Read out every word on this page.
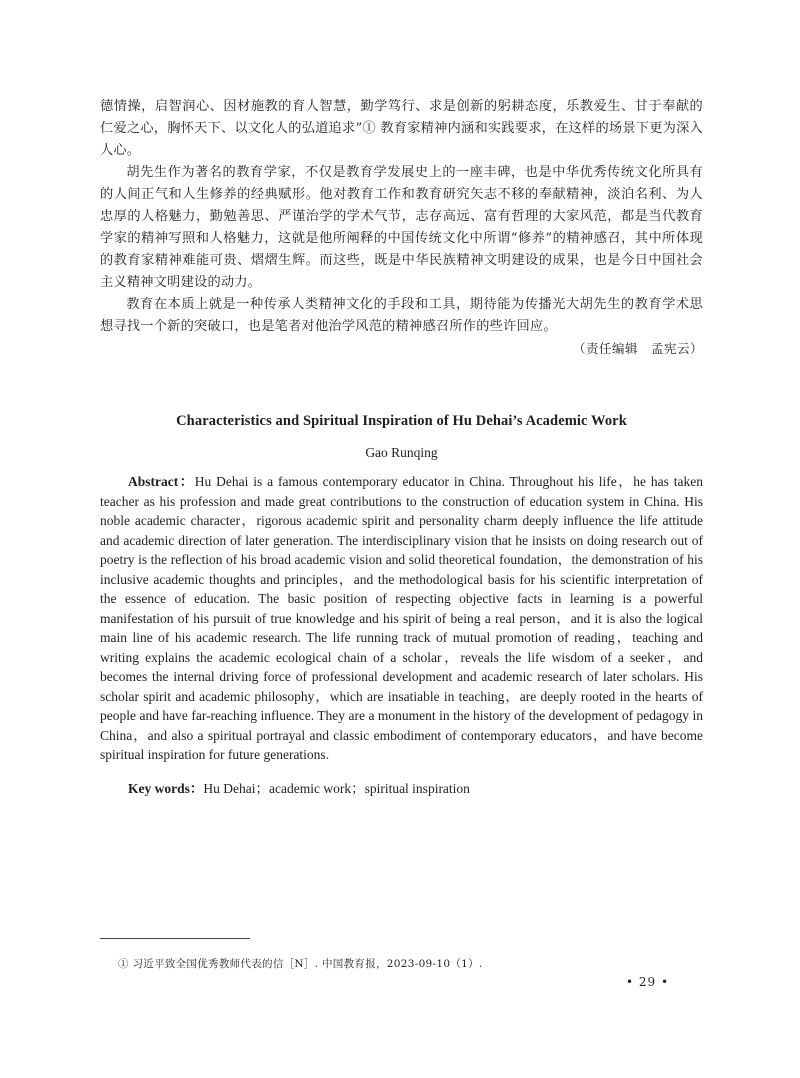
德情操，启智润心、因材施教的育人智慧，勤学笃行、求是创新的躬耕态度，乐教爱生、甘于奉献的仁爱之心，胸怀天下、以文化人的弘道追求”① 教育家精神内涵和实践要求，在这样的场景下更为深入人心。

胡先生作为著名的教育学家，不仅是教育学发展史上的一座丰碑，也是中华优秀传统文化所具有的人间正气和人生修养的经典赋形。他对教育工作和教育研究矢志不移的奉献精神，淡泊名利、为人忠厚的人格魅力，勤勉善思、严谨治学的学术气节，志存高远、富有哲理的大家风范，都是当代教育学家的精神写照和人格魅力，这就是他所阐释的中国传统文化中所谓“修养”的精神感召，其中所体现的教育家精神难能可贵、熠熠生辉。而这些，既是中华民族精神文明建设的成果，也是今日中国社会主义精神文明建设的动力。

教育在本质上就是一种传承人类精神文化的手段和工具，期待能为传播光大胡先生的教育学术思想寻找一个新的突破口，也是笔者对他治学风范的精神感召所作的些许回应。

（责任编辑　孟宪云）

Characteristics and Spiritual Inspiration of Hu Dehai’s Academic Work
Gao Runqing

Abstract：Hu Dehai is a famous contemporary educator in China. Throughout his life，he has taken teacher as his profession and made great contributions to the construction of education system in China. His noble academic character，rigorous academic spirit and personality charm deeply influence the life attitude and academic direction of later generation. The interdisciplinary vision that he insists on doing research out of poetry is the reflection of his broad academic vision and solid theoretical foundation，the demonstration of his inclusive academic thoughts and principles，and the methodological basis for his scientific interpretation of the essence of education. The basic position of respecting objective facts in learning is a powerful manifestation of his pursuit of true knowledge and his spirit of being a real person，and it is also the logical main line of his academic research. The life running track of mutual promotion of reading，teaching and writing explains the academic ecological chain of a scholar，reveals the life wisdom of a seeker，and becomes the internal driving force of professional development and academic research of later scholars. His scholar spirit and academic philosophy，which are insatiable in teaching，are deeply rooted in the hearts of people and have far-reaching influence. They are a monument in the history of the development of pedagogy in China，and also a spiritual portrayal and classic embodiment of contemporary educators，and have become spiritual inspiration for future generations.

Key words：Hu Dehai；academic work；spiritual inspiration
① 习近平致全国优秀教师代表的信［N］. 中国教育报，2023-09-10（1）.
• 29 •
